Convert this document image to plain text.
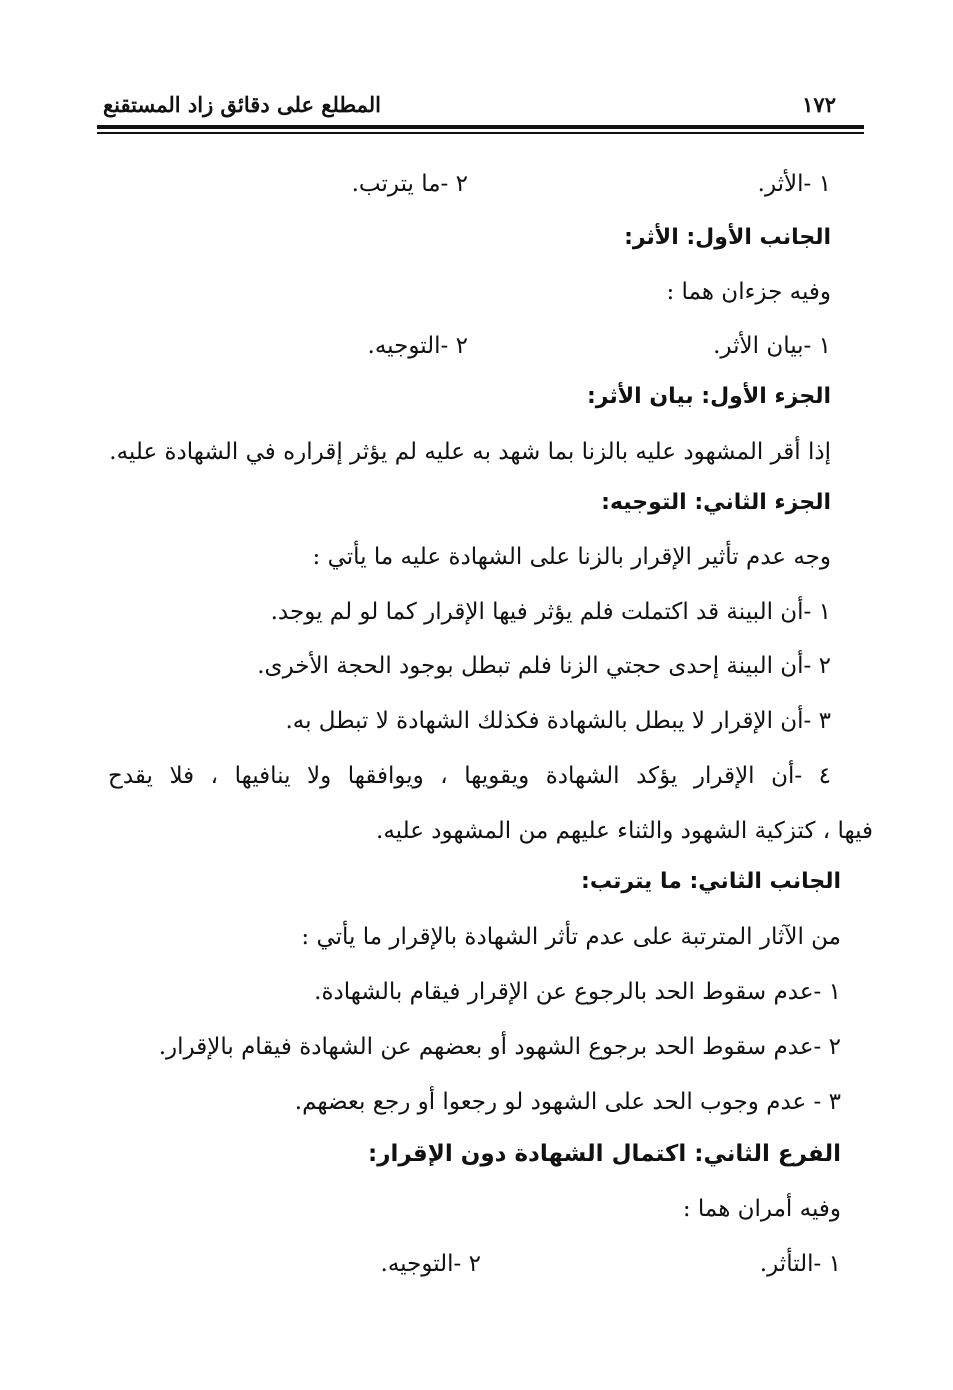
١٧٢
المطلع على دقائق زاد المستقنع
١ -الأثر.
٢ -ما يترتب.
الجانب الأول: الأثر:
وفيه جزءان هما :
١ -بيان الأثر.
٢ -التوجيه.
الجزء الأول: بيان الأثر:
إذا أقر المشهود عليه بالزنا بما شهد به عليه لم يؤثر إقراره في الشهادة عليه.
الجزء الثاني: التوجيه:
وجه عدم تأثير الإقرار بالزنا على الشهادة عليه ما يأتي :
١ -أن البينة قد اكتملت فلم يؤثر فيها الإقرار كما لو لم يوجد.
٢ -أن البينة إحدى حجتي الزنا فلم تبطل بوجود الحجة الأخرى.
٣ -أن الإقرار لا يبطل بالشهادة فكذلك الشهادة لا تبطل به.
٤ -أن الإقرار يؤكد الشهادة ويقويها ، ويوافقها ولا ينافيها ، فلا يقدح
فيها ، كتزكية الشهود والثناء عليهم من المشهود عليه.
الجانب الثاني: ما يترتب:
من الآثار المترتبة على عدم تأثر الشهادة بالإقرار ما يأتي :
١ -عدم سقوط الحد بالرجوع عن الإقرار فيقام بالشهادة.
٢ -عدم سقوط الحد برجوع الشهود أو بعضهم عن الشهادة فيقام بالإقرار.
٣ - عدم وجوب الحد على الشهود لو رجعوا أو رجع بعضهم.
الفرع الثاني: اكتمال الشهادة دون الإقرار:
وفيه أمران هما :
١ -التأثر.
٢ -التوجيه.
